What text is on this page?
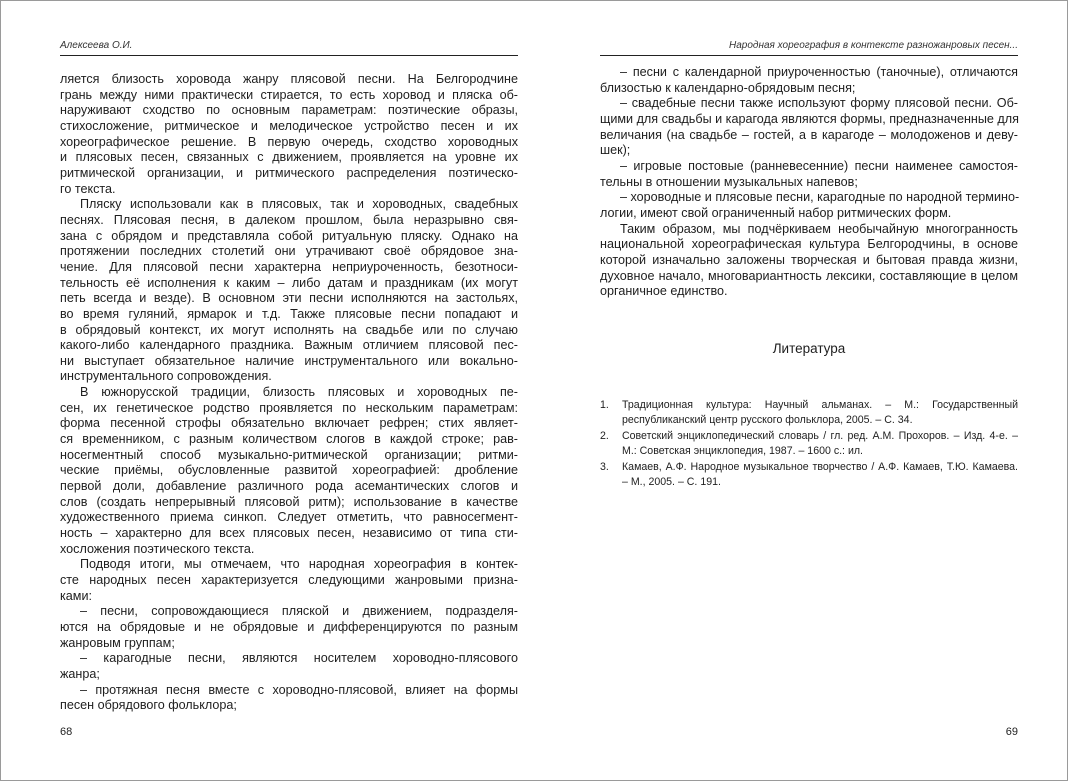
Алексеева О.И.
ляется близость хоровода жанру плясовой песни. На Белгородчине
грань между ними практически стирается, то есть хоровод и пляска об-
наруживают сходство по основным параметрам: поэтические образы,
стихосложение, ритмическое и мелодическое устройство песен и их
хореографическое решение. В первую очередь, сходство хороводных
и плясовых песен, связанных с движением, проявляется на уровне их
ритмической организации, и ритмического распределения поэтическо-
го текста.
Пляску использовали как в плясовых, так и хороводных, свадебных
песнях. Плясовая песня, в далеком прошлом, была неразрывно свя-
зана с обрядом и представляла собой ритуальную пляску. Однако на
протяжении последних столетий они утрачивают своё обрядовое зна-
чение. Для плясовой песни характерна неприуроченность, безотноси-
тельность её исполнения к каким – либо датам и праздникам (их могут
петь всегда и везде). В основном эти песни исполняются на застольях,
во время гуляний, ярмарок и т.д. Также плясовые песни попадают и
в обрядовый контекст, их могут исполнять на свадьбе или по случаю
какого-либо календарного праздника. Важным отличием плясовой пес-
ни выступает обязательное наличие инструментального или вокально-
инструментального сопровождения.
В южнорусской традиции, близость плясовых и хороводных пе-
сен, их генетическое родство проявляется по нескольким параметрам:
форма песенной строфы обязательно включает рефрен; стих являет-
ся временником, с разным количеством слогов в каждой строке; рав-
носегментный способ музыкально-ритмической организации; ритми-
ческие приёмы, обусловленные развитой хореографией: дробление
первой доли, добавление различного рода асемантических слогов и
слов (создать непрерывный плясовой ритм); использование в качестве
художественного приема синкоп. Следует отметить, что равносегмент-
ность – характерно для всех плясовых песен, независимо от типа сти-
хосложения поэтического текста.
Подводя итоги, мы отмечаем, что народная хореография в контек-
сте народных песен характеризуется следующими жанровыми призна-
ками:
– песни, сопровождающиеся пляской и движением, подразделя-
ются на обрядовые и не обрядовые и дифференцируются по разным
жанровым группам;
– карагодные песни, являются носителем хороводно-плясового
жанра;
– протяжная песня вместе с хороводно-плясовой, влияет на формы
песен обрядового фольклора;
68
Народная хореография в контексте разножанровых песен...
– песни с календарной приуроченностью (таночные), отличаются
близостью к календарно-обрядовым песня;
– свадебные песни также используют форму плясовой песни. Об-
щими для свадьбы и карагода являются формы, предназначенные для
величания (на свадьбе – гостей, а в карагоде – молодоженов и деву-
шек);
– игровые постовые (ранневесенние) песни наименее самостоя-
тельны в отношении музыкальных напевов;
– хороводные и плясовые песни, карагодные по народной термино-
логии, имеют свой ограниченный набор ритмических форм.
Таким образом, мы подчёркиваем необычайную многогранность
национальной хореографическая культура Белгородчины, в основе
которой изначально заложены творческая и бытовая правда жизни,
духовное начало, многовариантность лексики, составляющие в целом
органичное единство.
Литература
1.	Традиционная культура: Научный альманах. – М.: Государственный республиканский центр русского фольклора, 2005. – С. 34.
2.	Советский энциклопедический словарь / гл. ред. А.М. Прохоров. – Изд. 4-е. – М.: Советская энциклопедия, 1987. – 1600 с.: ил.
3.	Камаев, А.Ф. Народное музыкальное творчество / А.Ф. Камаев, Т.Ю. Камаева. – М., 2005. – С. 191.
69
